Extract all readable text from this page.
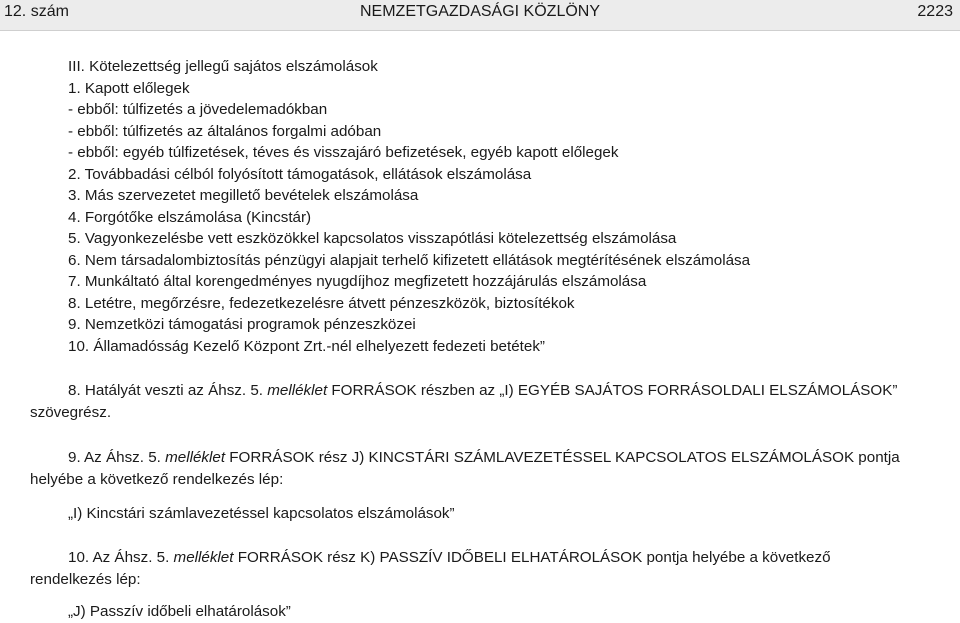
12. szám	NEMZETGAZDASÁGI KÖZLÖNY	2223
III. Kötelezettség jellegű sajátos elszámolások
1. Kapott előlegek
- ebből: túlfizetés a jövedelemadókban
- ebből: túlfizetés az általános forgalmi adóban
- ebből: egyéb túlfizetések, téves és visszajáró befizetések, egyéb kapott előlegek
2. Továbbadási célból folyósított támogatások, ellátások elszámolása
3. Más szervezetet megillető bevételek elszámolása
4. Forgótőke elszámolása (Kincstár)
5. Vagyonkezelésbe vett eszközökkel kapcsolatos visszapótlási kötelezettség elszámolása
6. Nem társadalombiztosítás pénzügyi alapjait terhelő kifizetett ellátások megtérítésének elszámolása
7. Munkáltató által korengedményes nyugdíjhoz megfizetett hozzájárulás elszámolása
8. Letétre, megőrzésre, fedezetkezelésre átvett pénzeszközök, biztosítékok
9. Nemzetközi támogatási programok pénzeszközei
10. Államadósság Kezelő Központ Zrt.-nél elhelyezett fedezeti betétek”
8. Hatályát veszti az Áhsz. 5. melléklet FORRÁSOK részben az „I) EGYÉB SAJÁTOS FORRÁSOLDALI ELSZÁMOLÁSOK”
szövegrész.
9. Az Áhsz. 5. melléklet FORRÁSOK rész J) KINCSTÁRI SZÁMLAVEZETÉSSEL KAPCSOLATOS ELSZÁMOLÁSOK pontja
helyébe a következő rendelkezés lép:
„I) Kincstári számlavezetéssel kapcsolatos elszámolások”
10. Az Áhsz. 5. melléklet FORRÁSOK rész K) PASSZÍV IDŐBELI ELHATÁROLÁSOK pontja helyébe a következő
rendelkezés lép:
„J) Passzív időbeli elhatárolások”
